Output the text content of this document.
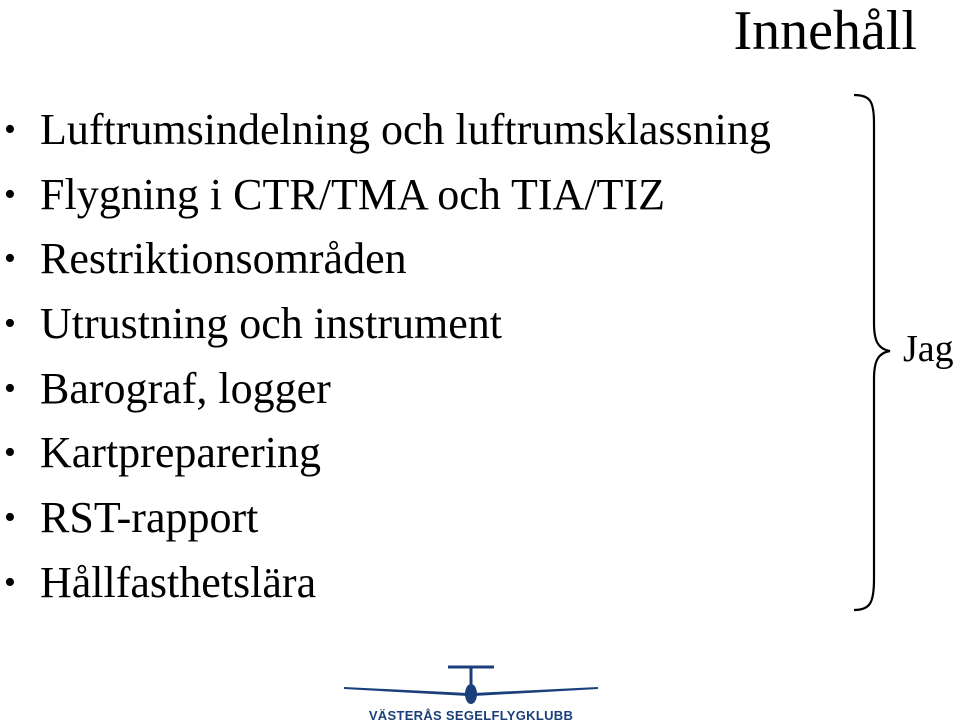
Innehåll
• Luftrumsindelning och luftrumsklassning
• Flygning i CTR/TMA och TIA/TIZ
• Restriktionsområden
• Utrustning och instrument
• Barograf, logger
• Kartpreparering
• RST-rapport
• Hållfasthetslära
Jag
VÄSTERÅS SEGELFLYGKLUBB
